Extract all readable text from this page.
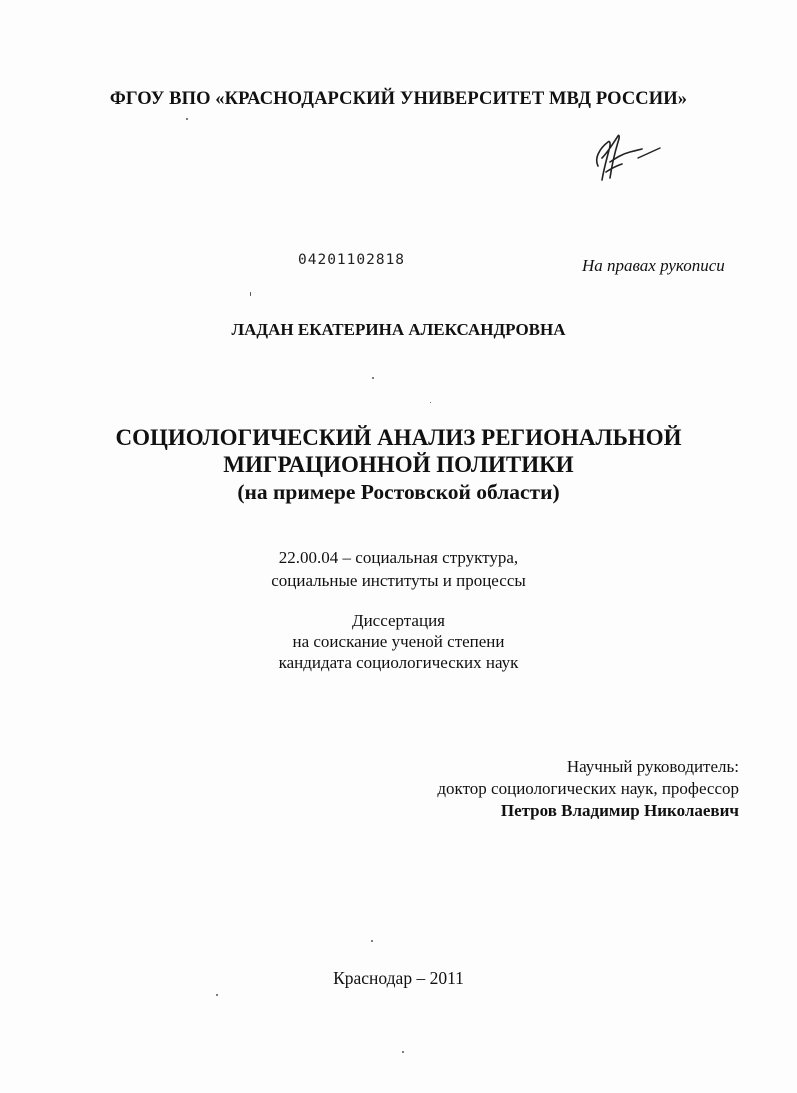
ФГОУ ВПО «КРАСНОДАРСКИЙ УНИВЕРСИТЕТ МВД РОССИИ»
04201102818	На правах рукописи
ЛАДАН ЕКАТЕРИНА АЛЕКСАНДРОВНА
СОЦИОЛОГИЧЕСКИЙ АНАЛИЗ РЕГИОНАЛЬНОЙ
МИГРАЦИОННОЙ ПОЛИТИКИ
(на примере Ростовской области)
22.00.04 – социальная структура,
социальные институты и процессы
Диссертация
на соискание ученой степени
кандидата социологических наук
Научный руководитель:
доктор социологических наук, профессор
Петров Владимир Николаевич
Краснодар – 2011
